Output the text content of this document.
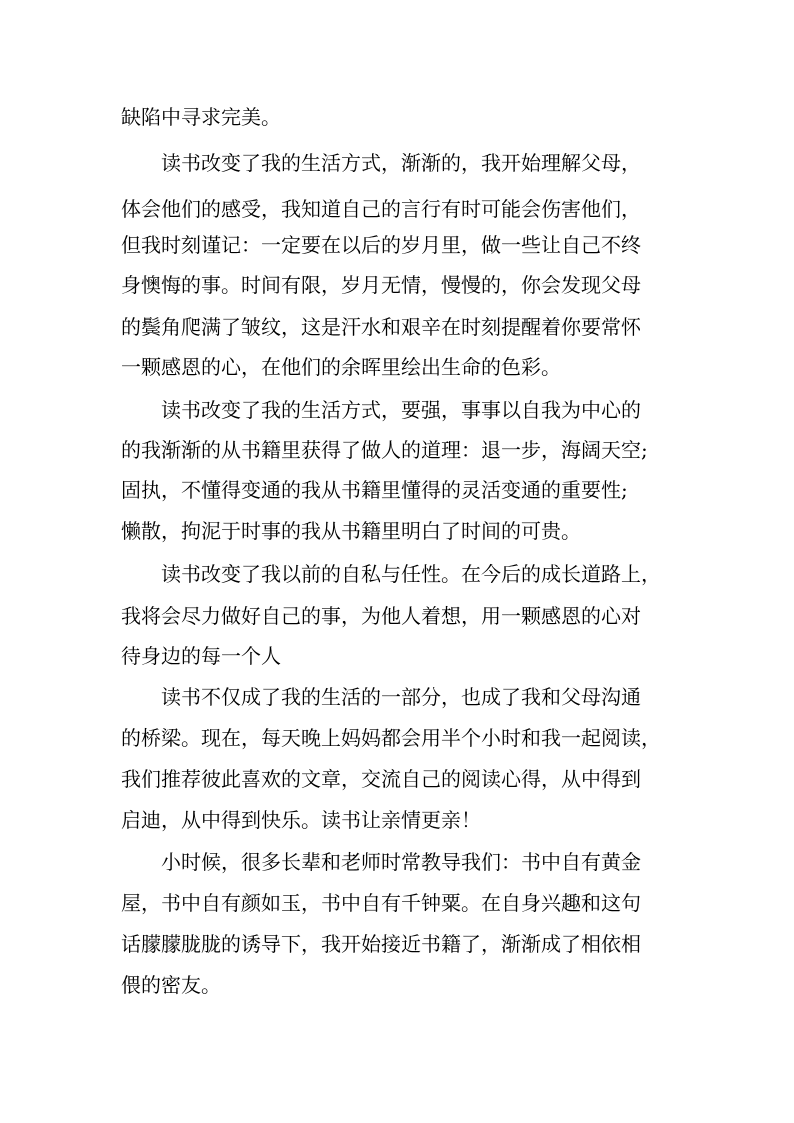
缺陷中寻求完美。
读书改变了我的生活方式，渐渐的，我开始理解父母，
体会他们的感受，我知道自己的言行有时可能会伤害他们，
但我时刻谨记：一定要在以后的岁月里，做一些让自己不终
身懊悔的事。时间有限，岁月无情，慢慢的，你会发现父母
的鬓角爬满了皱纹，这是汗水和艰辛在时刻提醒着你要常怀
一颗感恩的心，在他们的余晖里绘出生命的色彩。
读书改变了我的生活方式，要强，事事以自我为中心的
的我渐渐的从书籍里获得了做人的道理：退一步，海阔天空;
固执，不懂得变通的我从书籍里懂得的灵活变通的重要性;
懒散，拘泥于时事的我从书籍里明白了时间的可贵。
读书改变了我以前的自私与任性。在今后的成长道路上，
我将会尽力做好自己的事，为他人着想，用一颗感恩的心对
待身边的每一个人
读书不仅成了我的生活的一部分，也成了我和父母沟通
的桥梁。现在，每天晚上妈妈都会用半个小时和我一起阅读，
我们推荐彼此喜欢的文章，交流自己的阅读心得，从中得到
启迪，从中得到快乐。读书让亲情更亲！
小时候，很多长辈和老师时常教导我们：书中自有黄金
屋，书中自有颜如玉，书中自有千钟粟。在自身兴趣和这句
话朦朦胧胧的诱导下，我开始接近书籍了，渐渐成了相依相
偎的密友。
